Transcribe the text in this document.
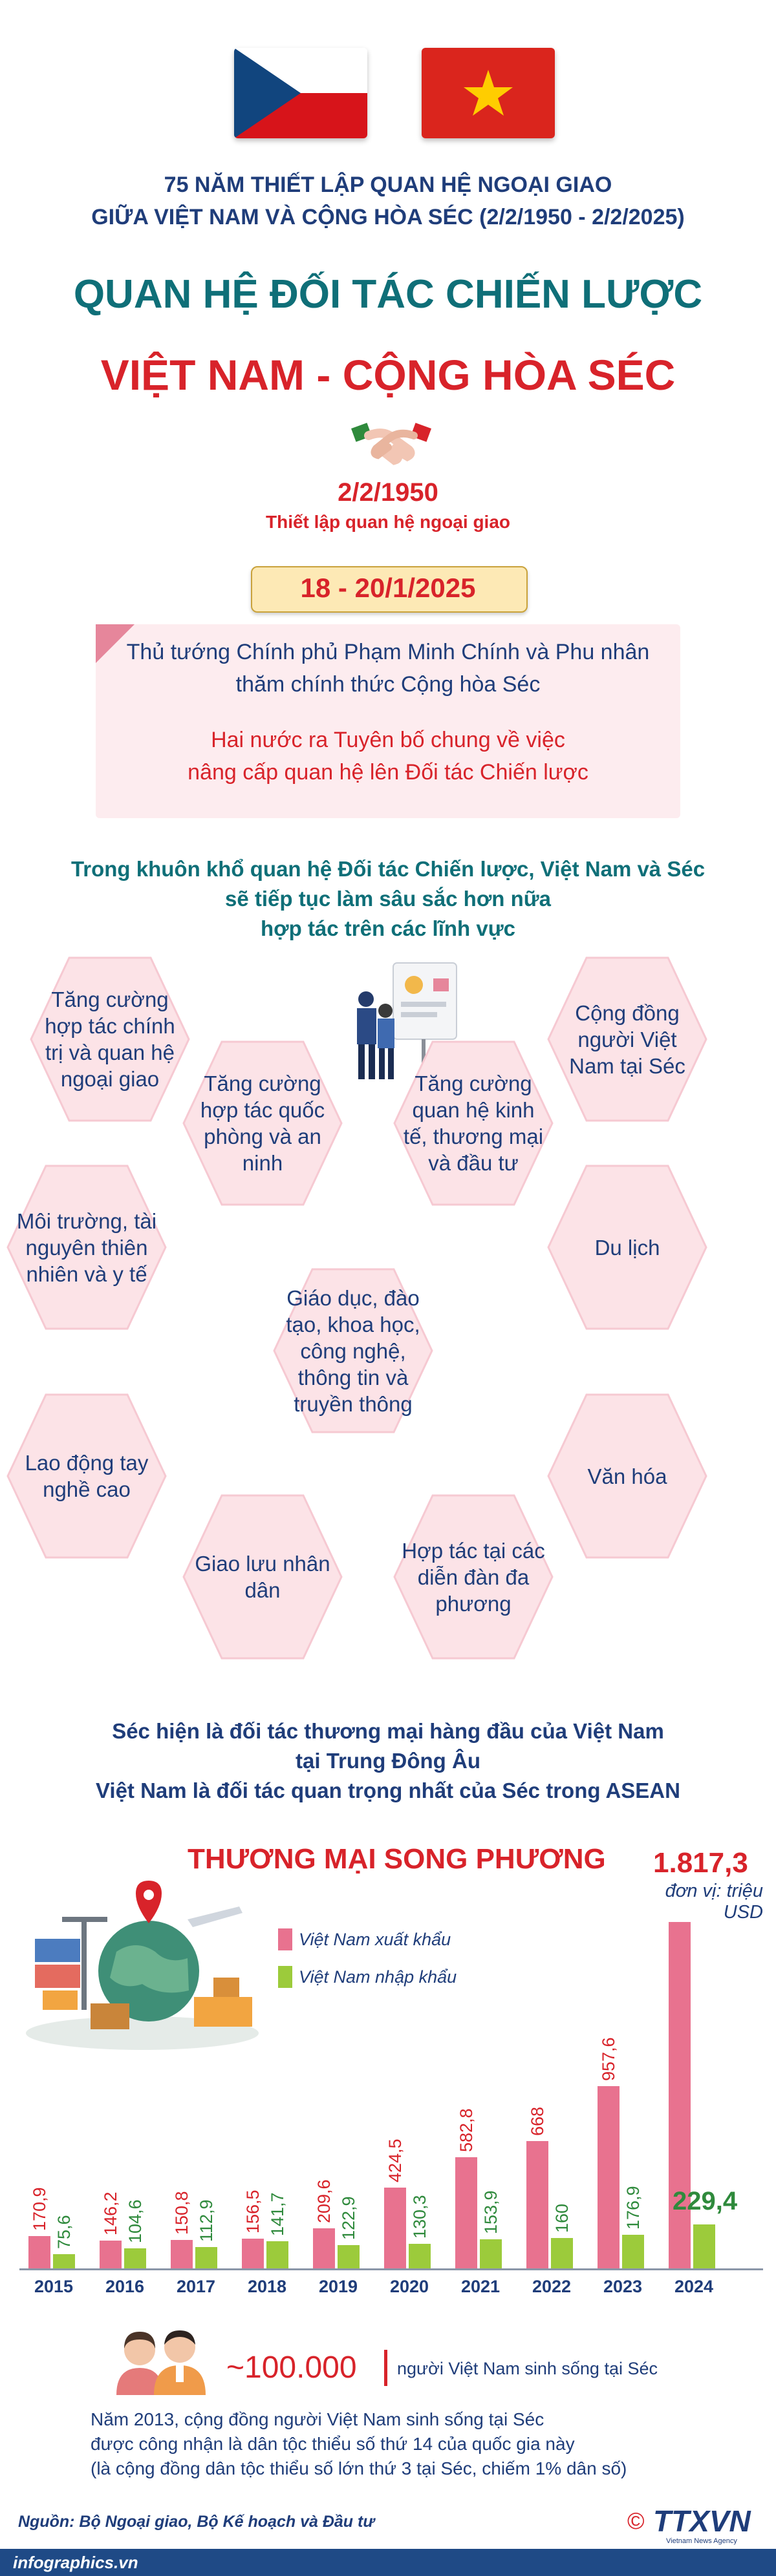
75 NĂM THIẾT LẬP QUAN HỆ NGOẠI GIAO
GIỮA VIỆT NAM VÀ CỘNG HÒA SÉC (2/2/1950 - 2/2/2025)
QUAN HỆ ĐỐI TÁC CHIẾN LƯỢC
VIỆT NAM - CỘNG HÒA SÉC
2/2/1950
Thiết lập quan hệ ngoại giao
18 - 20/1/2025
Thủ tướng Chính phủ Phạm Minh Chính và Phu nhân
thăm chính thức Cộng hòa Séc
Hai nước ra Tuyên bố chung về việc
nâng cấp quan hệ lên Đối tác Chiến lược
Trong khuôn khổ quan hệ Đối tác Chiến lược, Việt Nam và Séc
sẽ tiếp tục làm sâu sắc hơn nữa
hợp tác trên các lĩnh vực
Tăng cường hợp tác chính trị và quan hệ ngoại giao
Cộng đồng người Việt Nam tại Séc
Tăng cường hợp tác quốc phòng và an ninh
Tăng cường quan hệ kinh tế, thương mại và đầu tư
Môi trường, tài nguyên thiên nhiên và y tế
Du lịch
Giáo dục, đào tạo, khoa học, công nghệ, thông tin và truyền thông
Lao động tay nghề cao
Văn hóa
Giao lưu nhân dân
Hợp tác tại các diễn đàn đa phương
Séc hiện là đối tác thương mại hàng đầu của Việt Nam
tại Trung Đông Âu
Việt Nam là đối tác quan trọng nhất của Séc trong ASEAN
THƯƠNG MẠI SONG PHƯƠNG
đơn vị: triệu USD
Việt Nam xuất khẩu
Việt Nam nhập khẩu
170,9
75,6
2015
146,2 104,6
2016
150,8 112,9
2017
156,5 141,7
2018
209,6 122,9
2019
424,5
130,3
2020
582,8
153,9
2021
668
160
2022
957,6
176,9
2023
1.817,3
229,4
2024
~100.000 người Việt Nam sinh sống tại Séc
Năm 2013, cộng đồng người Việt Nam sinh sống tại Séc
được công nhận là dân tộc thiểu số thứ 14 của quốc gia này
(là cộng đồng dân tộc thiểu số lớn thứ 3 tại Séc, chiếm 1% dân số)
Nguồn: Bộ Ngoại giao, Bộ Kế hoạch và Đầu tư	© TTXVN
Vietnam News Agency
infographics.vn
